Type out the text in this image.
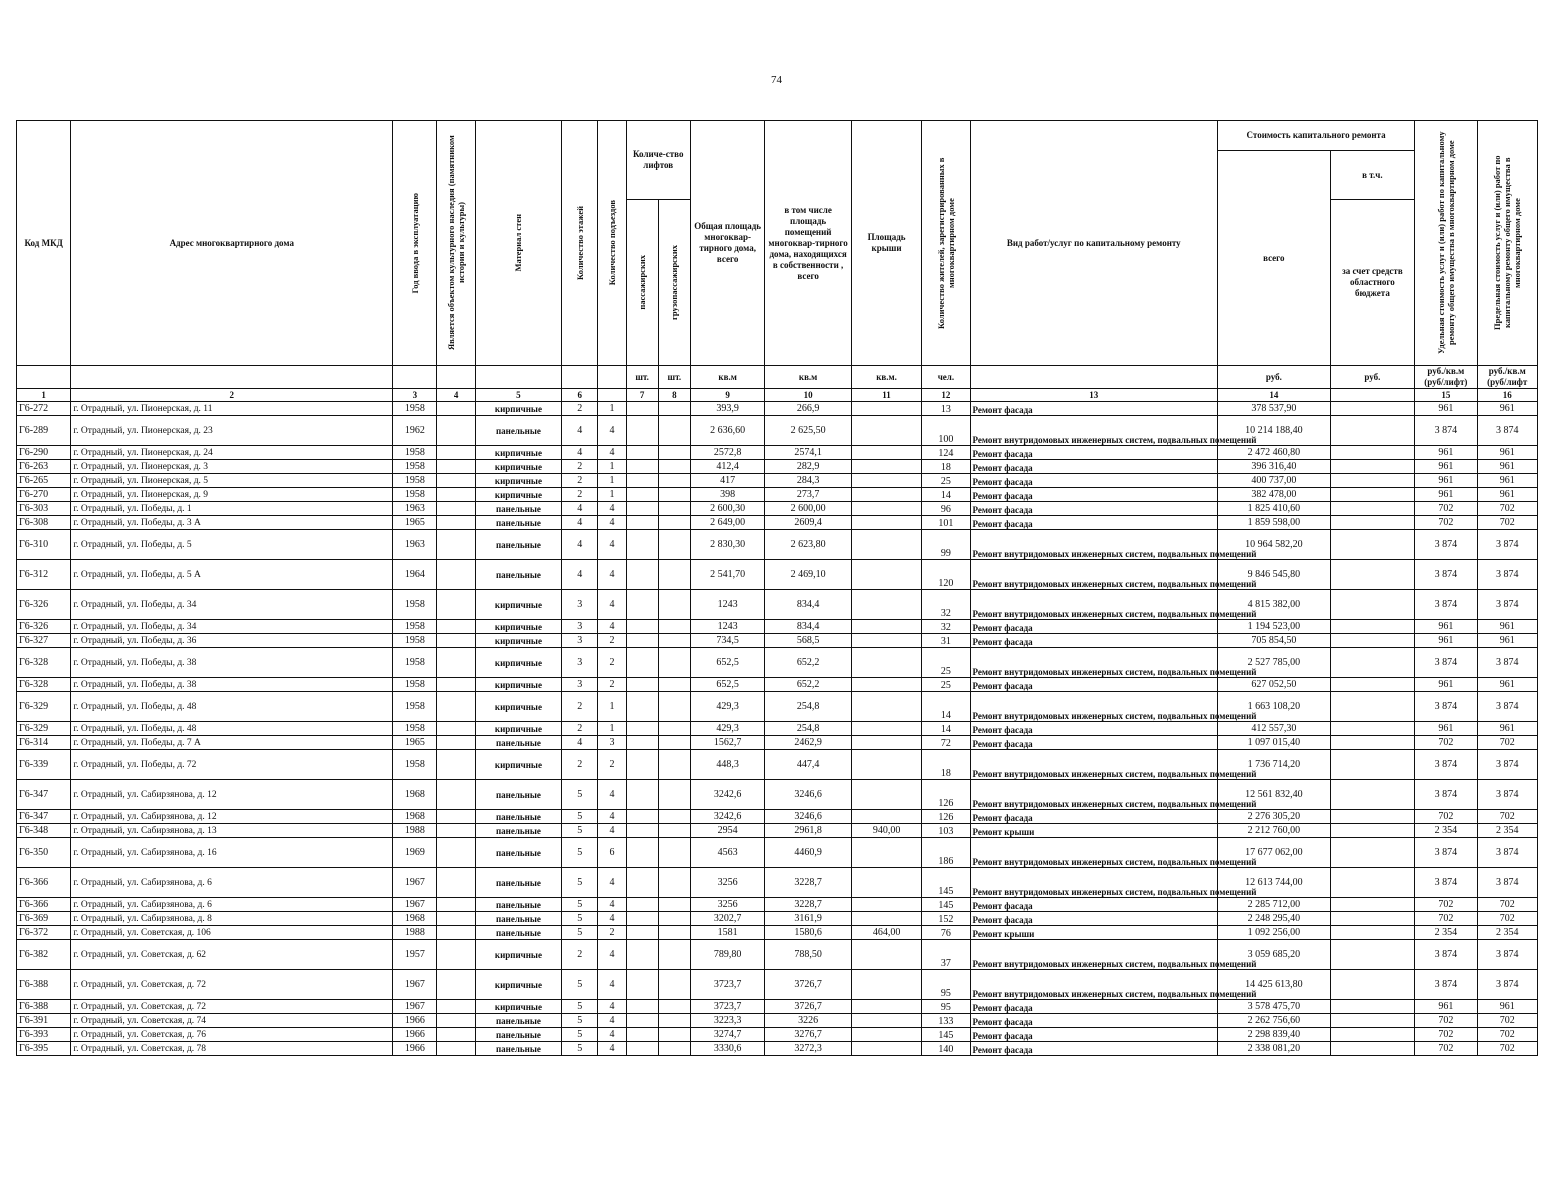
74
Код МКД	Адрес многоквартирного дома	Год ввода в эксплуатацию	Является объектом культурного наследия (памятником истории и культуры)	Материал стен	Количество этажей	Количество подъездов	Количе-ство лифтов		Общая площадь многоквар-тирного дома, всего	в том числе площадь помещений многоквар-тирного дома, находящихся в собственности , всего	Площадь крыши	Количество жителей, зарегистрированных в многоквартирном доме	Вид работ/услуг по капитальному ремонту	Стоимость капитального ремонта		Удельная стоимость услуг и (или) работ по капитальному ремонту общего имущества в многоквартирном доме	Предельная стоимость услуг и (или) работ по капитальному ремонту общего имущества в многоквартирном доме

														всего	в т.ч.		

							пассажирских	грузопассажирских							за счет средств областного бюджета		
							шт.	шт.	кв.м	кв.м	кв.м.	чел.		руб.	руб.	руб./кв.м (руб/лифт)	руб./кв.м (руб/лифт
1	2	3	4	5	6		7	8	9	10	11	12	13	14		15	16
Г6-272	г. Отрадный, ул. Пионерская, д. 11	1958		кирпичные	2	1			393,9	266,9		13	Ремонт фасада	378 537,90		961	961
Г6-289	г. Отрадный, ул. Пионерская, д. 23	1962		панельные	4	4			2 636,60	2 625,50		100	Ремонт внутридомовых инженерных систем, подвальных помещений	10 214 188,40		3 874	3 874
Г6-290	г. Отрадный, ул. Пионерская, д. 24	1958		кирпичные	4	4			2572,8	2574,1		124	Ремонт фасада	2 472 460,80		961	961
Г6-263	г. Отрадный, ул. Пионерская, д. 3	1958		кирпичные	2	1			412,4	282,9		18	Ремонт фасада	396 316,40		961	961
Г6-265	г. Отрадный, ул. Пионерская, д. 5	1958		кирпичные	2	1			417	284,3		25	Ремонт фасада	400 737,00		961	961
Г6-270	г. Отрадный, ул. Пионерская, д. 9	1958		кирпичные	2	1			398	273,7		14	Ремонт фасада	382 478,00		961	961
Г6-303	г. Отрадный, ул. Победы, д. 1	1963		панельные	4	4			2 600,30	2 600,00		96	Ремонт фасада	1 825 410,60		702	702
Г6-308	г. Отрадный, ул. Победы, д. 3 А	1965		панельные	4	4			2 649,00	2609,4		101	Ремонт фасада	1 859 598,00		702	702
Г6-310	г. Отрадный, ул. Победы, д. 5	1963		панельные	4	4			2 830,30	2 623,80		99	Ремонт внутридомовых инженерных систем, подвальных помещений	10 964 582,20		3 874	3 874
Г6-312	г. Отрадный, ул. Победы, д. 5 А	1964		панельные	4	4			2 541,70	2 469,10		120	Ремонт внутридомовых инженерных систем, подвальных помещений	9 846 545,80		3 874	3 874
Г6-326	г. Отрадный, ул. Победы, д. 34	1958		кирпичные	3	4			1243	834,4		32	Ремонт внутридомовых инженерных систем, подвальных помещений	4 815 382,00		3 874	3 874
Г6-326	г. Отрадный, ул. Победы, д. 34	1958		кирпичные	3	4			1243	834,4		32	Ремонт фасада	1 194 523,00		961	961
Г6-327	г. Отрадный, ул. Победы, д. 36	1958		кирпичные	3	2			734,5	568,5		31	Ремонт фасада	705 854,50		961	961
Г6-328	г. Отрадный, ул. Победы, д. 38	1958		кирпичные	3	2			652,5	652,2		25	Ремонт внутридомовых инженерных систем, подвальных помещений	2 527 785,00		3 874	3 874
Г6-328	г. Отрадный, ул. Победы, д. 38	1958		кирпичные	3	2			652,5	652,2		25	Ремонт фасада	627 052,50		961	961
Г6-329	г. Отрадный, ул. Победы, д. 48	1958		кирпичные	2	1			429,3	254,8		14	Ремонт внутридомовых инженерных систем, подвальных помещений	1 663 108,20		3 874	3 874
Г6-329	г. Отрадный, ул. Победы, д. 48	1958		кирпичные	2	1			429,3	254,8		14	Ремонт фасада	412 557,30		961	961
Г6-314	г. Отрадный, ул. Победы, д. 7 А	1965		панельные	4	3			1562,7	2462,9		72	Ремонт фасада	1 097 015,40		702	702
Г6-339	г. Отрадный, ул. Победы, д. 72	1958		кирпичные	2	2			448,3	447,4		18	Ремонт внутридомовых инженерных систем, подвальных помещений	1 736 714,20		3 874	3 874
Г6-347	г. Отрадный, ул. Сабирзянова, д. 12	1968		панельные	5	4			3242,6	3246,6		126	Ремонт внутридомовых инженерных систем, подвальных помещений	12 561 832,40		3 874	3 874
Г6-347	г. Отрадный, ул. Сабирзянова, д. 12	1968		панельные	5	4			3242,6	3246,6		126	Ремонт фасада	2 276 305,20		702	702
Г6-348	г. Отрадный, ул. Сабирзянова, д. 13	1988		панельные	5	4			2954	2961,8	940,00	103	Ремонт крыши	2 212 760,00		2 354	2 354
Г6-350	г. Отрадный, ул. Сабирзянова, д. 16	1969		панельные	5	6			4563	4460,9		186	Ремонт внутридомовых инженерных систем, подвальных помещений	17 677 062,00		3 874	3 874
Г6-366	г. Отрадный, ул. Сабирзянова, д. 6	1967		панельные	5	4			3256	3228,7		145	Ремонт внутридомовых инженерных систем, подвальных помещений	12 613 744,00		3 874	3 874
Г6-366	г. Отрадный, ул. Сабирзянова, д. 6	1967		панельные	5	4			3256	3228,7		145	Ремонт фасада	2 285 712,00		702	702
Г6-369	г. Отрадный, ул. Сабирзянова, д. 8	1968		панельные	5	4			3202,7	3161,9		152	Ремонт фасада	2 248 295,40		702	702
Г6-372	г. Отрадный, ул. Советская, д. 106	1988		панельные	5	2			1581	1580,6	464,00	76	Ремонт крыши	1 092 256,00		2 354	2 354
Г6-382	г. Отрадный, ул. Советская, д. 62	1957		кирпичные	2	4			789,80	788,50		37	Ремонт внутридомовых инженерных систем, подвальных помещений	3 059 685,20		3 874	3 874
Г6-388	г. Отрадный, ул. Советская, д. 72	1967		кирпичные	5	4			3723,7	3726,7		95	Ремонт внутридомовых инженерных систем, подвальных помещений	14 425 613,80		3 874	3 874
Г6-388	г. Отрадный, ул. Советская, д. 72	1967		кирпичные	5	4			3723,7	3726,7		95	Ремонт фасада	3 578 475,70		961	961
Г6-391	г. Отрадный, ул. Советская, д. 74	1966		панельные	5	4			3223,3	3226		133	Ремонт фасада	2 262 756,60		702	702
Г6-393	г. Отрадный, ул. Советская, д. 76	1966		панельные	5	4			3274,7	3276,7		145	Ремонт фасада	2 298 839,40		702	702
Г6-395	г. Отрадный, ул. Советская, д. 78	1966		панельные	5	4			3330,6	3272,3		140	Ремонт фасада	2 338 081,20		702	702
